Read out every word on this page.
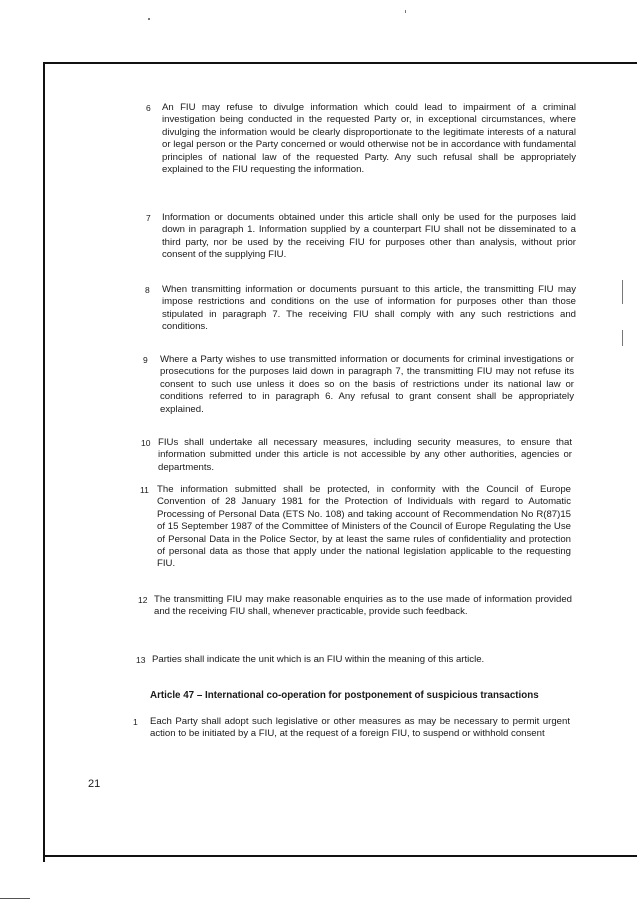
6 An FIU may refuse to divulge information which could lead to impairment of a criminal investigation being conducted in the requested Party or, in exceptional circumstances, where divulging the information would be clearly disproportionate to the legitimate interests of a natural or legal person or the Party concerned or would otherwise not be in accordance with fundamental principles of national law of the requested Party. Any such refusal shall be appropriately explained to the FIU requesting the information.

7 Information or documents obtained under this article shall only be used for the purposes laid down in paragraph 1. Information supplied by a counterpart FIU shall not be disseminated to a third party, nor be used by the receiving FIU for purposes other than analysis, without prior consent of the supplying FIU.

8 When transmitting information or documents pursuant to this article, the transmitting FIU may impose restrictions and conditions on the use of information for purposes other than those stipulated in paragraph 7. The receiving FIU shall comply with any such restrictions and conditions.

9 Where a Party wishes to use transmitted information or documents for criminal investigations or prosecutions for the purposes laid down in paragraph 7, the transmitting FIU may not refuse its consent to such use unless it does so on the basis of restrictions under its national law or conditions referred to in paragraph 6. Any refusal to grant consent shall be appropriately explained.

10 FIUs shall undertake all necessary measures, including security measures, to ensure that information submitted under this article is not accessible by any other authorities, agencies or departments.

11 The information submitted shall be protected, in conformity with the Council of Europe Convention of 28 January 1981 for the Protection of Individuals with regard to Automatic Processing of Personal Data (ETS No. 108) and taking account of Recommendation No R(87)15 of 15 September 1987 of the Committee of Ministers of the Council of Europe Regulating the Use of Personal Data in the Police Sector, by at least the same rules of confidentiality and protection of personal data as those that apply under the national legislation applicable to the requesting FIU.

12 The transmitting FIU may make reasonable enquiries as to the use made of information provided and the receiving FIU shall, whenever practicable, provide such feedback.

13 Parties shall indicate the unit which is an FIU within the meaning of this article.

Article 47 – International co-operation for postponement of suspicious transactions
1 Each Party shall adopt such legislative or other measures as may be necessary to permit urgent action to be initiated by a FIU, at the request of a foreign FIU, to suspend or withhold consent

21
